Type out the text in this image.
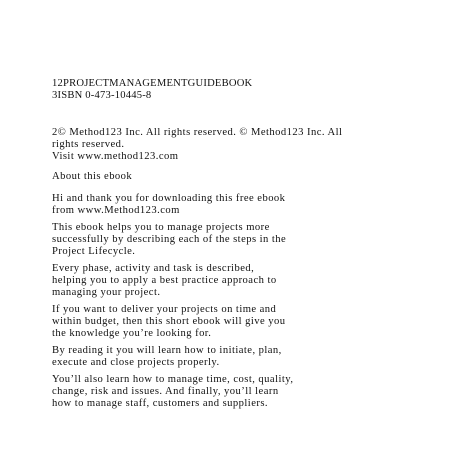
12PROJECTMANAGEMENTGUIDEBOOK
3ISBN 0-473-10445-8
2© Method123 Inc. All rights reserved. © Method123 Inc. All
rights reserved.
Visit www.method123.com
About this ebook
Hi and thank you for downloading this free ebook
from www.Method123.com
This ebook helps you to manage projects more
successfully by describing each of the steps in the
Project Lifecycle.
Every phase, activity and task is described,
helping you to apply a best practice approach to
managing your project.
If you want to deliver your projects on time and
within budget, then this short ebook will give you
the knowledge you’re looking for.
By reading it you will learn how to initiate, plan,
execute and close projects properly.
You’ll also learn how to manage time, cost, quality,
change, risk and issues. And finally, you’ll learn
how to manage staff, customers and suppliers.
